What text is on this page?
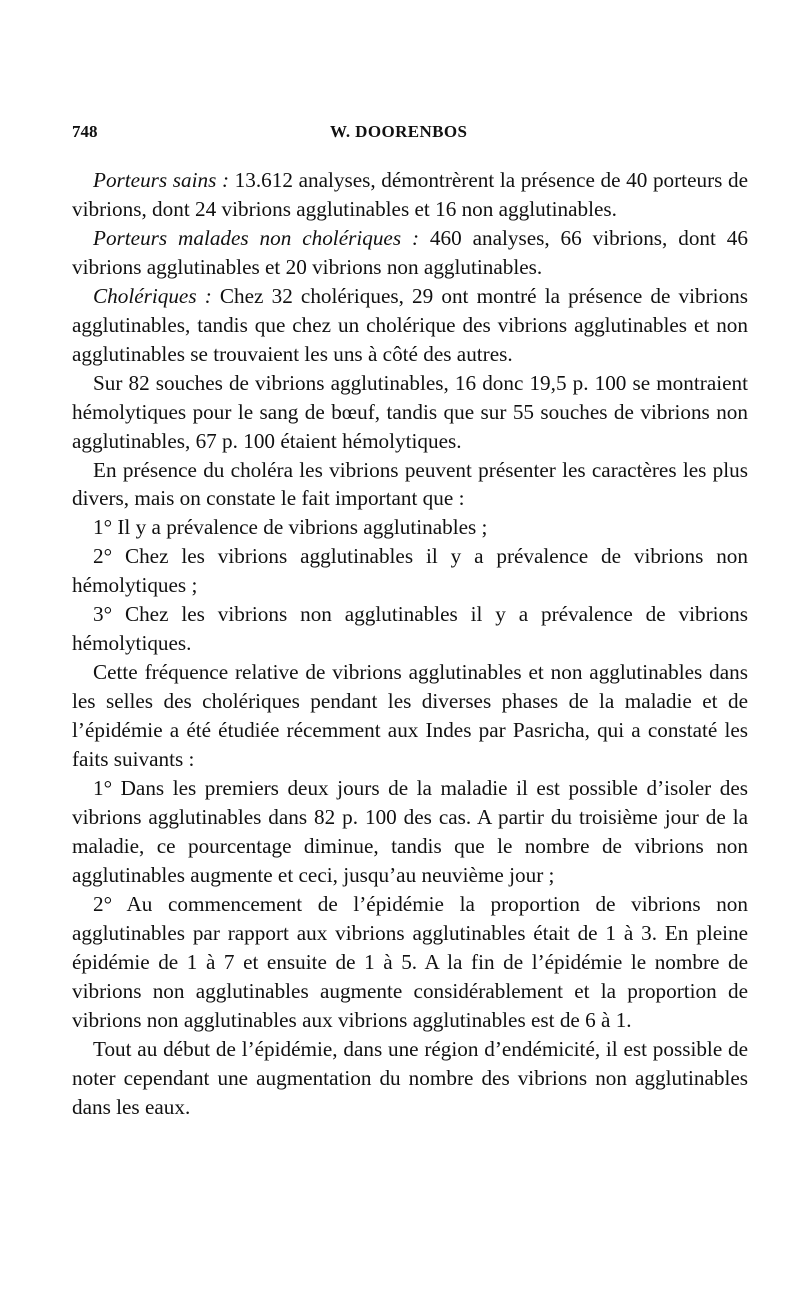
748	W. DOORENBOS

Porteurs sains : 13.612 analyses, démontrèrent la présence de 40 porteurs de vibrions, dont 24 vibrions agglutinables et 16 non agglutinables.

Porteurs malades non cholériques : 460 analyses, 66 vibrions, dont 46 vibrions agglutinables et 20 vibrions non agglutinables.

Cholériques : Chez 32 cholériques, 29 ont montré la présence de vibrions agglutinables, tandis que chez un cholérique des vibrions agglutinables et non agglutinables se trouvaient les uns à côté des autres.

Sur 82 souches de vibrions agglutinables, 16 donc 19,5 p. 100 se montraient hémolytiques pour le sang de bœuf, tandis que sur 55 souches de vibrions non agglutinables, 67 p. 100 étaient hémolytiques.

En présence du choléra les vibrions peuvent présenter les caractères les plus divers, mais on constate le fait important que :

1° Il y a prévalence de vibrions agglutinables ;

2° Chez les vibrions agglutinables il y a prévalence de vibrions non hémolytiques ;

3° Chez les vibrions non agglutinables il y a prévalence de vibrions hémolytiques.

Cette fréquence relative de vibrions agglutinables et non agglutinables dans les selles des cholériques pendant les diverses phases de la maladie et de l’épidémie a été étudiée récemment aux Indes par Pasricha, qui a constaté les faits suivants :

1° Dans les premiers deux jours de la maladie il est possible d’isoler des vibrions agglutinables dans 82 p. 100 des cas. A partir du troisième jour de la maladie, ce pourcentage diminue, tandis que le nombre de vibrions non agglutinables augmente et ceci, jusqu’au neuvième jour ;

2° Au commencement de l’épidémie la proportion de vibrions non agglutinables par rapport aux vibrions agglutinables était de 1 à 3. En pleine épidémie de 1 à 7 et ensuite de 1 à 5. A la fin de l’épidémie le nombre de vibrions non agglutinables augmente considérablement et la proportion de vibrions non agglutinables aux vibrions agglutinables est de 6 à 1.

Tout au début de l’épidémie, dans une région d’endémicité, il est possible de noter cependant une augmentation du nombre des vibrions non agglutinables dans les eaux.
